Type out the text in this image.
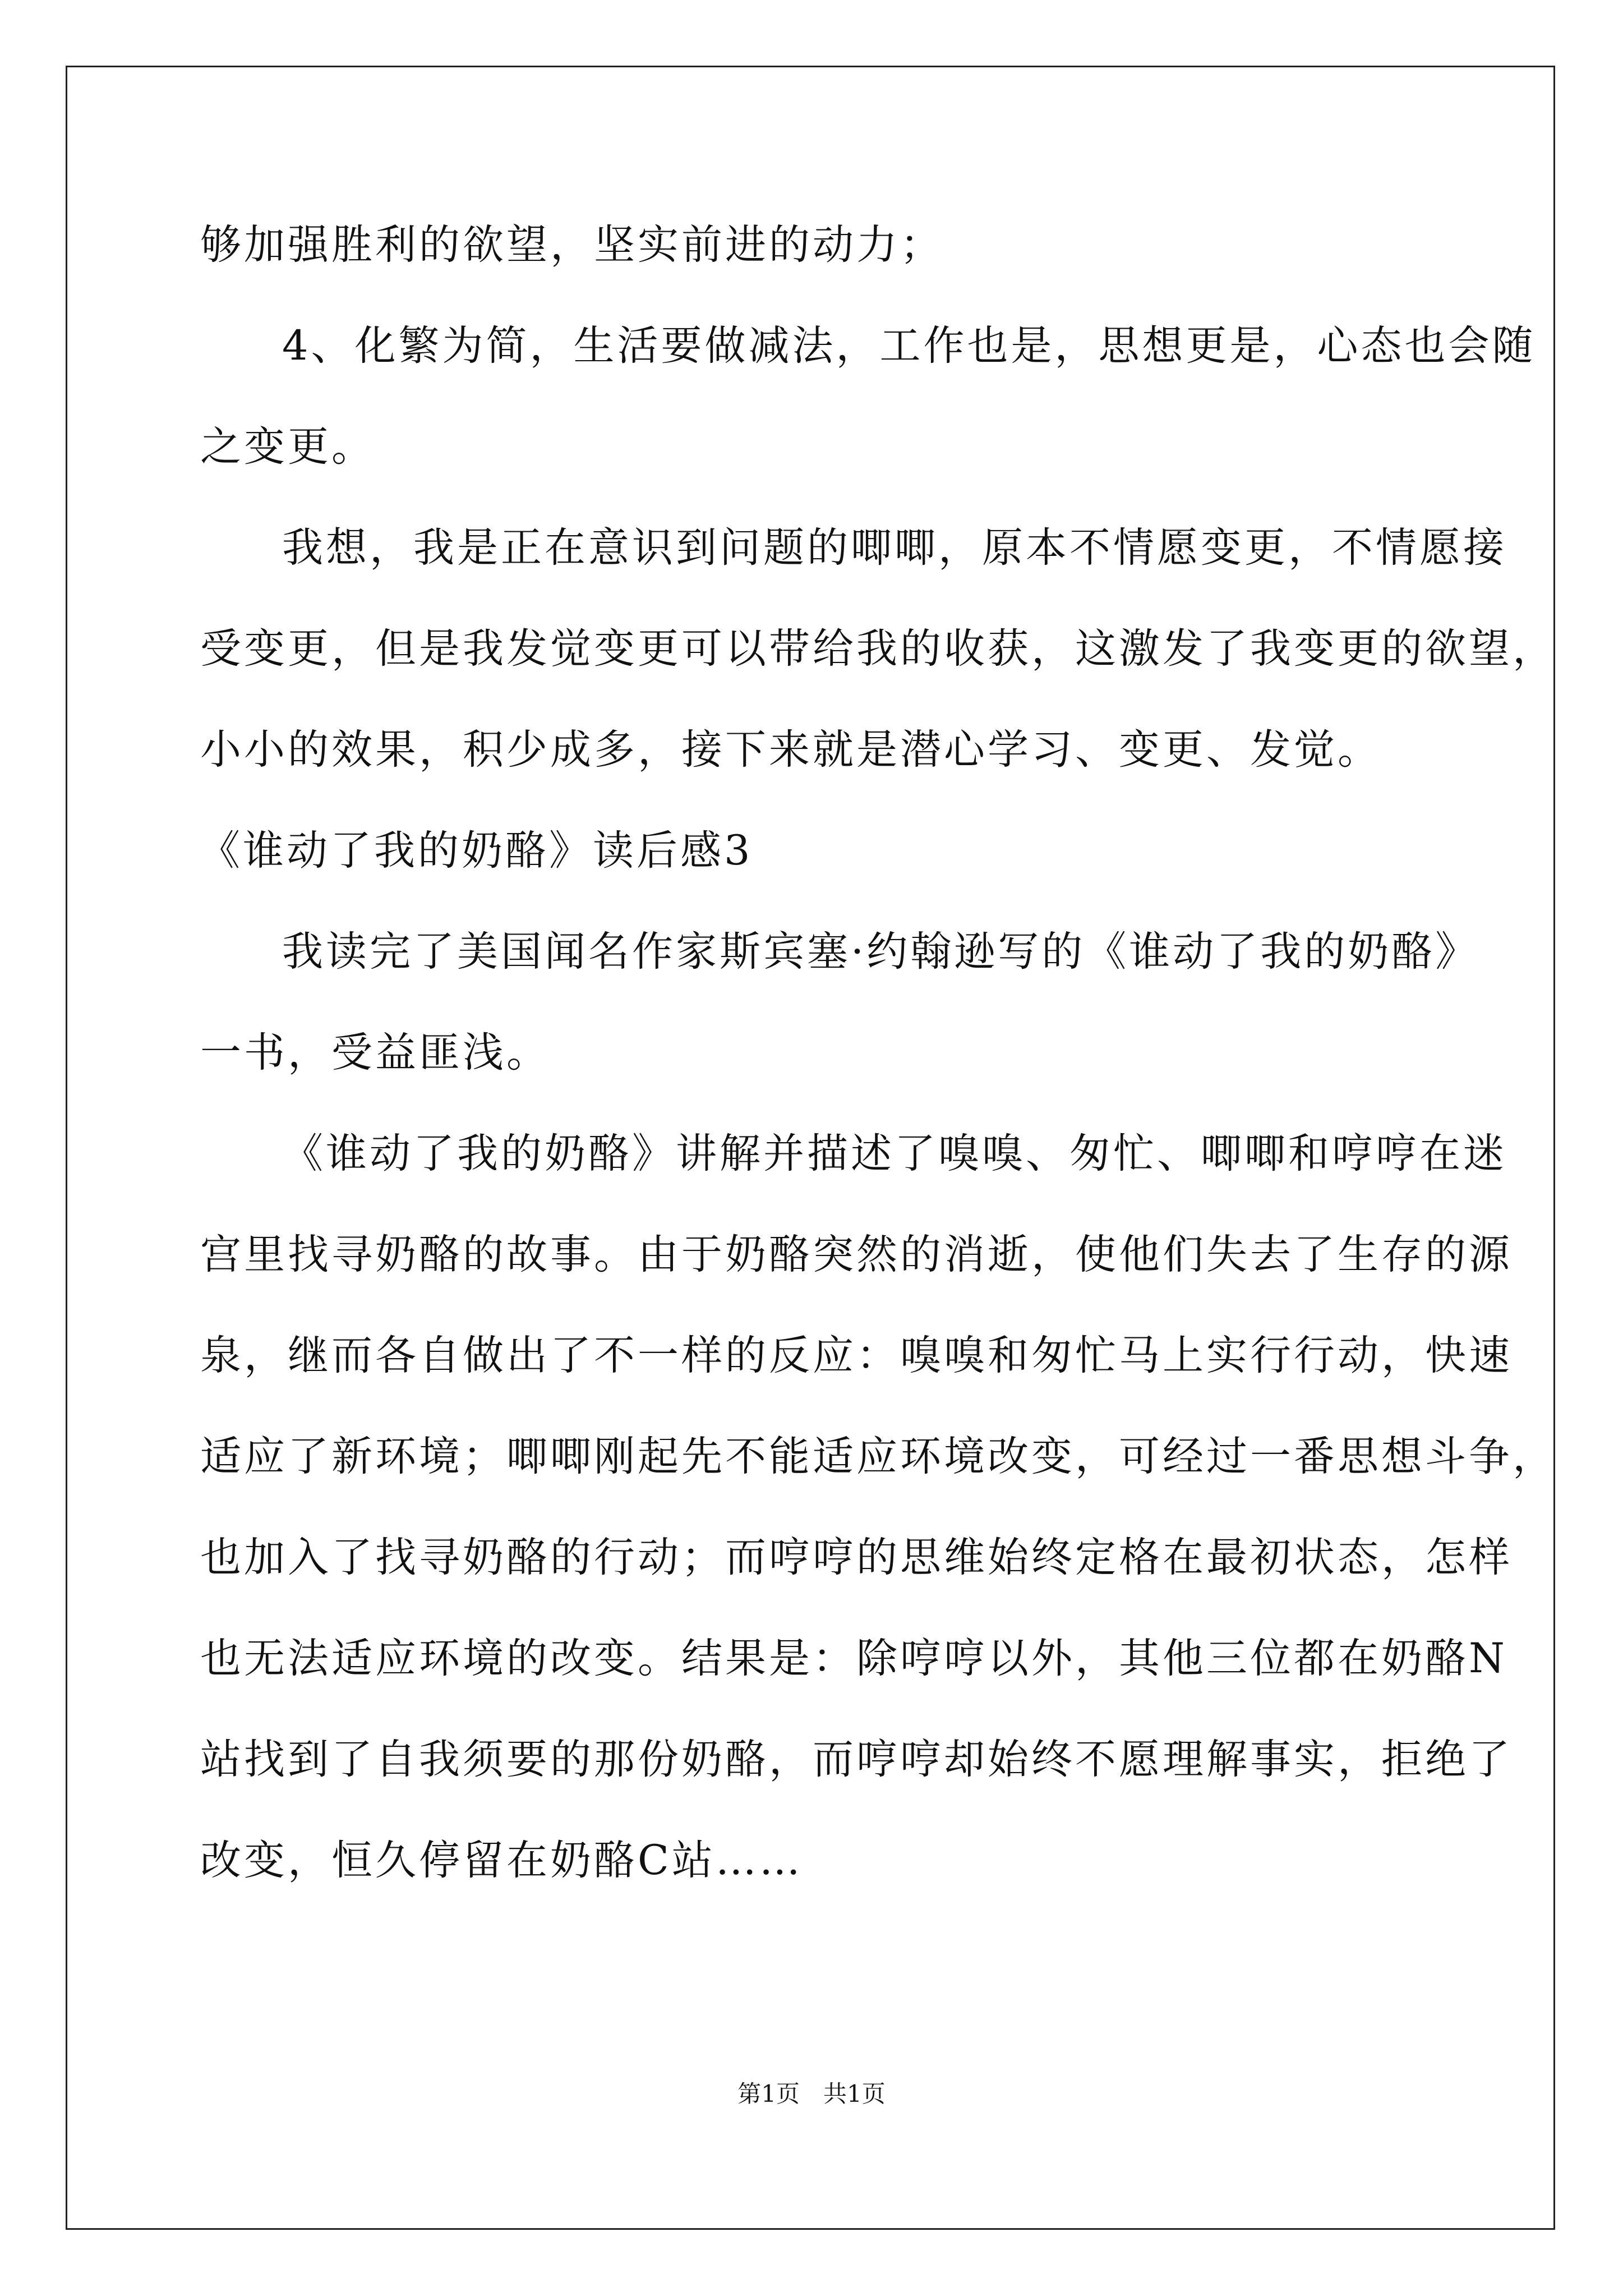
够加强胜利的欲望，坚实前进的动力；
4、化繁为简，生活要做减法，工作也是，思想更是，心态也会随
之变更。
我想，我是正在意识到问题的唧唧，原本不情愿变更，不情愿接
受变更，但是我发觉变更可以带给我的收获，这激发了我变更的欲望，
小小的效果，积少成多，接下来就是潜心学习、变更、发觉。
《谁动了我的奶酪》读后感3
我读完了美国闻名作家斯宾塞·约翰逊写的《谁动了我的奶酪》
一书，受益匪浅。
《谁动了我的奶酪》讲解并描述了嗅嗅、匆忙、唧唧和哼哼在迷
宫里找寻奶酪的故事。由于奶酪突然的消逝，使他们失去了生存的源
泉，继而各自做出了不一样的反应：嗅嗅和匆忙马上实行行动，快速
适应了新环境；唧唧刚起先不能适应环境改变，可经过一番思想斗争，
也加入了找寻奶酪的行动；而哼哼的思维始终定格在最初状态，怎样
也无法适应环境的改变。结果是：除哼哼以外，其他三位都在奶酪N
站找到了自我须要的那份奶酪，而哼哼却始终不愿理解事实，拒绝了
改变，恒久停留在奶酪C站……
第1页　共1页
